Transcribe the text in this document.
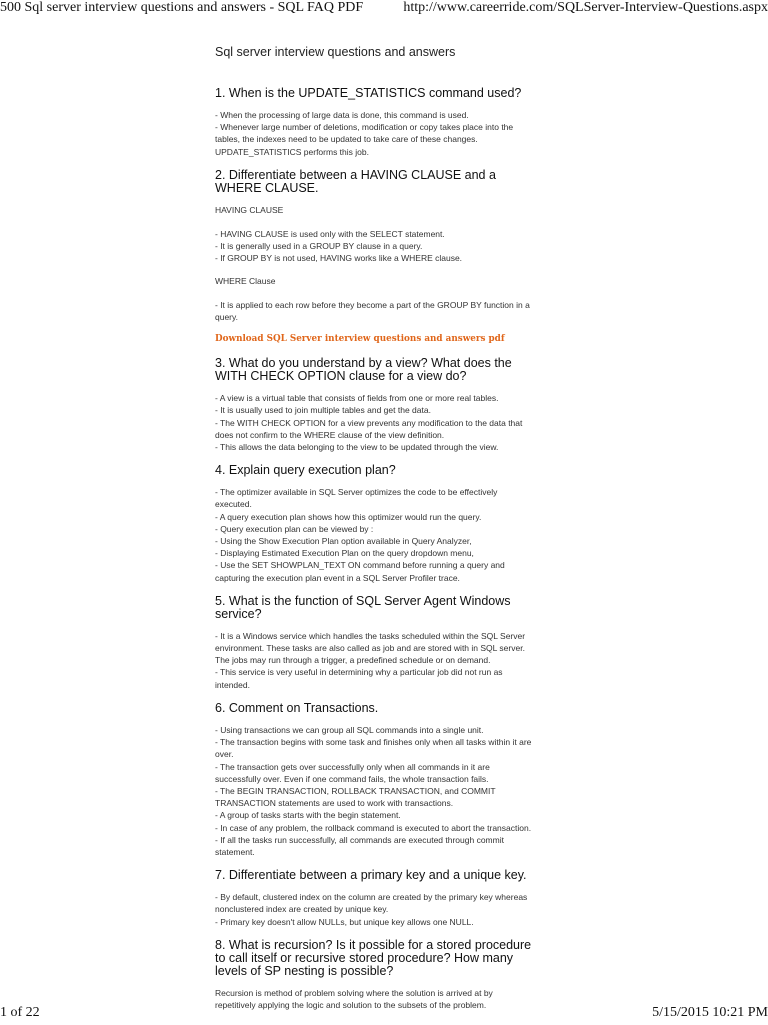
500 Sql server interview questions and answers - SQL FAQ PDF	http://www.careerride.com/SQLServer-Interview-Questions.aspx
Sql server interview questions and answers
1. When is the UPDATE_STATISTICS command used?

- When the processing of large data is done, this command is used.

- Whenever large number of deletions, modification or copy takes place into the tables, the indexes need to be updated to take care of these changes. UPDATE_STATISTICS performs this job.

2. Differentiate between a HAVING CLAUSE and a WHERE CLAUSE.

HAVING CLAUSE

- HAVING CLAUSE is used only with the SELECT statement.

- It is generally used in a GROUP BY clause in a query.

- If GROUP BY is not used, HAVING works like a WHERE clause.

WHERE Clause

- It is applied to each row before they become a part of the GROUP BY function in a query.

Download SQL Server interview questions and answers pdf
3. What do you understand by a view? What does the WITH CHECK OPTION clause for a view do?

- A view is a virtual table that consists of fields from one or more real tables.

- It is usually used to join multiple tables and get the data.

- The WITH CHECK OPTION for a view prevents any modification to the data that does not confirm to the WHERE clause of the view definition.

- This allows the data belonging to the view to be updated through the view.

4. Explain query execution plan?

- The optimizer available in SQL Server optimizes the code to be effectively executed.

- A query execution plan shows how this optimizer would run the query.

- Query execution plan can be viewed by :

- Using the Show Execution Plan option available in Query Analyzer,

- Displaying Estimated Execution Plan on the query dropdown menu,

- Use the SET SHOWPLAN_TEXT ON command before running a query and capturing the execution plan event in a SQL Server Profiler trace.

5. What is the function of SQL Server Agent Windows service?

- It is a Windows service which handles the tasks scheduled within the SQL Server environment. These tasks are also called as job and are stored with in SQL server. The jobs may run through a trigger, a predefined schedule or on demand.

- This service is very useful in determining why a particular job did not run as intended.

6. Comment on Transactions.

- Using transactions we can group all SQL commands into a single unit.

- The transaction begins with some task and finishes only when all tasks within it are over.

- The transaction gets over successfully only when all commands in it are successfully over. Even if one command fails, the whole transaction fails.

- The BEGIN TRANSACTION, ROLLBACK TRANSACTION, and COMMIT TRANSACTION statements are used to work with transactions.

- A group of tasks starts with the begin statement.

- In case of any problem, the rollback command is executed to abort the transaction.

- If all the tasks run successfully, all commands are executed through commit statement.

7. Differentiate between a primary key and a unique key.

- By default, clustered index on the column are created by the primary key whereas nonclustered index are created by unique key.

- Primary key doesn't allow NULLs, but unique key allows one NULL.

8. What is recursion? Is it possible for a stored procedure to call itself or recursive stored procedure? How many levels of SP nesting is possible?

Recursion is method of problem solving where the solution is arrived at by repetitively applying the logic and solution to the subsets of the problem.

1 of 22	5/15/2015 10:21 PM
